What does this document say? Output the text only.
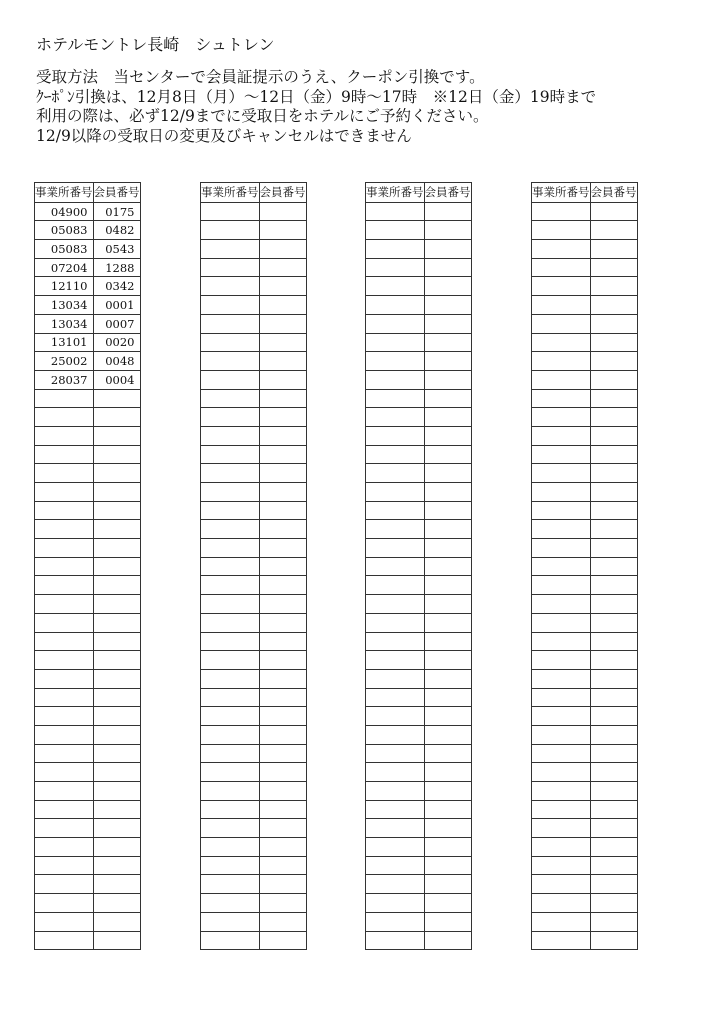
ホテルモントレ長崎　シュトレン
受取方法　当センターで会員証提示のうえ、クーポン引換です。
ｸｰﾎﾟﾝ引換は、12月8日（月）～12日（金）9時～17時　※12日（金）19時まで
利用の際は、必ず12/9までに受取日をホテルにご予約ください。
12/9以降の受取日の変更及びキャンセルはできません
事業所番号	会員番号
04900	0175
05083	0482
05083	0543
07204	1288
12110	0342
13034	0001
13034	0007
13101	0020
25002	0048
28037	0004

事業所番号	会員番号

		事業所番号	会員番号

		事業所番号	会員番号
